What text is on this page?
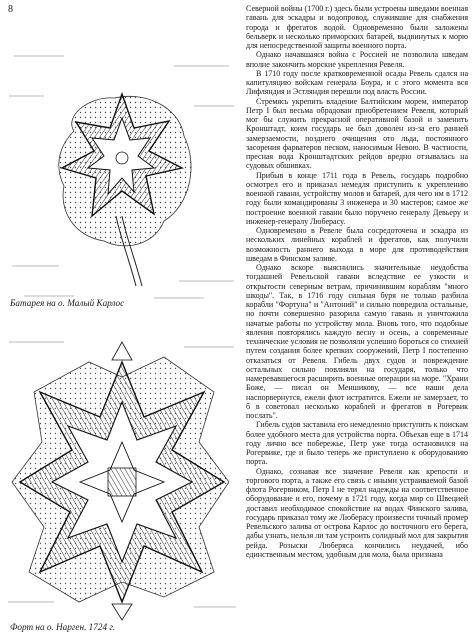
8
Батарея на о. Малый Карлос
Форт на о. Нарген. 1724 г.

Северной войны (1700 г.) здесь были устроены шведами военная гавань для эскадры и водопровод, служившие для снабжения города и фрегатов водой. Одновременно были заложены бельверк и несколько приморских батарей, выдвинутых к морю для непосредственной защиты военного порта.

Однако начавшаяся война с Россией не позволила шведам вполне закончить морские укрепления Ревеля.

В 1710 году после кратковременной осады Ревель сдался на капитуляцию войскам генерала Боура, и с этого момента вся Лифляндия и Эстляндия перешли под власть России.

Стремясь укрепить владение Балтийским морем, император Петр I был весьма обрадован приобретением Ревеля, который мог бы служить прекрасной оперативной базой и заменить Кронштадт, коим государь не был доволен из-за его ранней замерзаемости, позднего очищения ото льда, постоянного засорения фарватеров песком, наносимым Невою. В частности, пресная вода Кронштадтских рейдов вредно отзывалась на судовых обшивках.

Прибыв в конце 1711 года в Ревель, государь подробно осмотрел его и приказал немедля приступить к укреплению военной гавани, устройству молов и батарей, для чего им в 1712 году были командированы 3 инженера и 30 мастеров; самое же построение военной гавани было поручено генералу Девьеру и инженер-генералу Люберасу.

Одновременно в Ревеле была сосредоточена и эскадра из нескольких линейных кораблей и фрегатов, как получили возможность раннего выхода в море для противодействия шведам в Финском заливе.

Однако вскоре выяснились значительные неудобства тогдашней Ревельской гавани вследствие ее узкости и открытости северным ветрам, причинившим кораблям "много шкоды". Так, в 1716 году сильная буря не только разбила корабли "Фортуна" и "Антоний" и сильно повредила остальные, но почти совершенно разорила самую гавань и уничтожила начатые работы по устройству мола. Вновь того, что подобные явления повторялись каждую весну и осень, а современные технические условия не позволяли успешно бороться со стихией путем создания более крепких сооружений, Петр I постепенно отказаться от Ревеля. Гибель двух судов и повреждение остальных сильно повлияли на государя, только что намеревавшегося расширить военные операции на море. "Храни Боже, — писал он Меншикову, — все наши дела наспорвернутся, ежели флот истратится. Ежели не замерзает, то б в советовал несколько кораблей и фрегатов в Рогервик послать".

Гибель судов заставила его немедленно приступить к поискам более удобного места для устройства порта. Объехав еще в 1714 году лично все побережье, Петр уже тогда остановился на Рогервике, где и было теперь же приступлено к оборудованию порта.

Однако, сознавая все значение Ревеля как крепости и торгового порта, а также его связь с иными устраиваемой базой флота Рогервиком, Петр I не терял надежды на соответственное оборудование и его, почему в 1721 году, когда мир со Швецией доставил необходимое спокойствие на водах Финского залива, государь приказал тому же Люберасу произвести точный промер Ревельского залива от острова Карлос до восточного его берега, дабы узнать, нельзя ли там устроить солидный мол для закрытия рейда. Розыски Люберяса кончились неудачей, ибо единственным местом, удобным для мола, была признана
